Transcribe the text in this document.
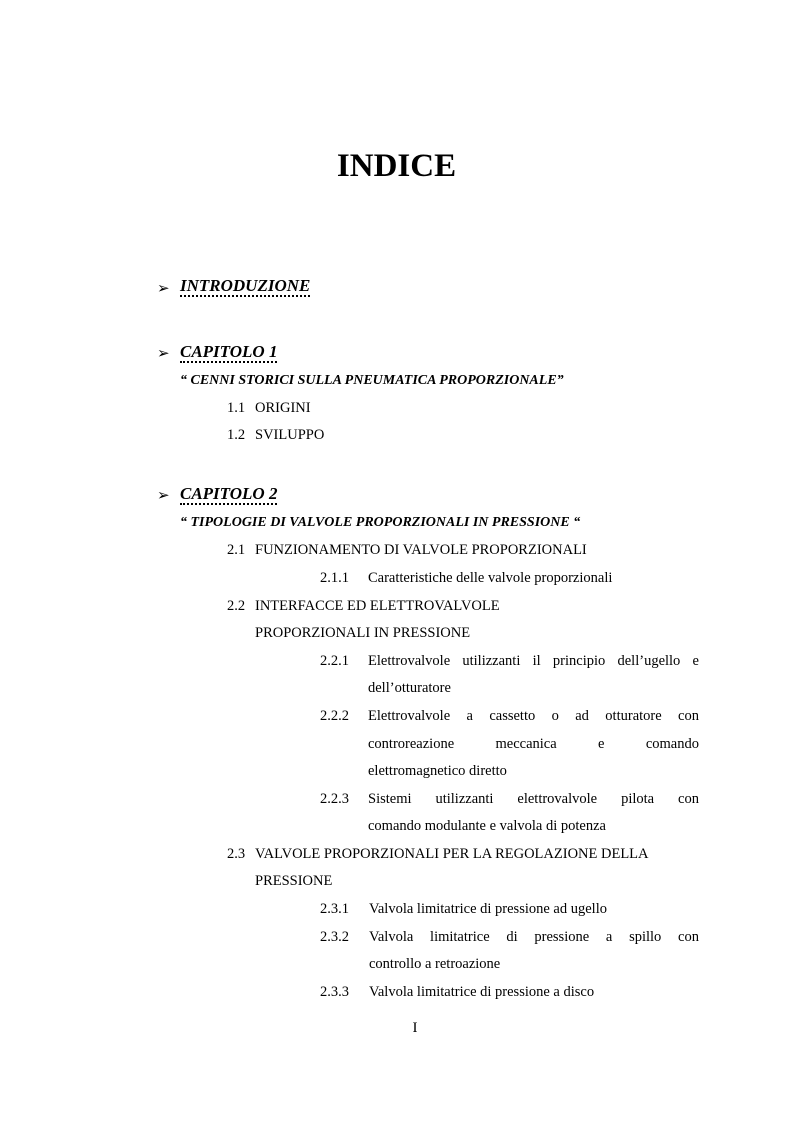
INDICE
➢ INTRODUZIONE
➢ CAPITOLO 1
“ CENNI STORICI SULLA PNEUMATICA PROPORZIONALE”
1.1 ORIGINI
1.2 SVILUPPO
➢ CAPITOLO 2
“ TIPOLOGIE DI VALVOLE PROPORZIONALI IN PRESSIONE “
2.1 FUNZIONAMENTO DI VALVOLE PROPORZIONALI
2.1.1 Caratteristiche delle valvole proporzionali
2.2 INTERFACCE ED ELETTROVALVOLE
PROPORZIONALI IN PRESSIONE
2.2.1 Elettrovalvole utilizzanti il principio dell’ugello e
dell’otturatore
2.2.2 Elettrovalvole a cassetto o ad otturatore con
controreazione meccanica e comando
elettromagnetico diretto
2.2.3 Sistemi utilizzanti elettrovalvole pilota con
comando modulante e valvola di potenza
2.3 VALVOLE PROPORZIONALI PER LA REGOLAZIONE DELLA
PRESSIONE
2.3.1 Valvola limitatrice di pressione ad ugello
2.3.2 Valvola limitatrice di pressione a spillo con
controllo a retroazione
2.3.3 Valvola limitatrice di pressione a disco
I
